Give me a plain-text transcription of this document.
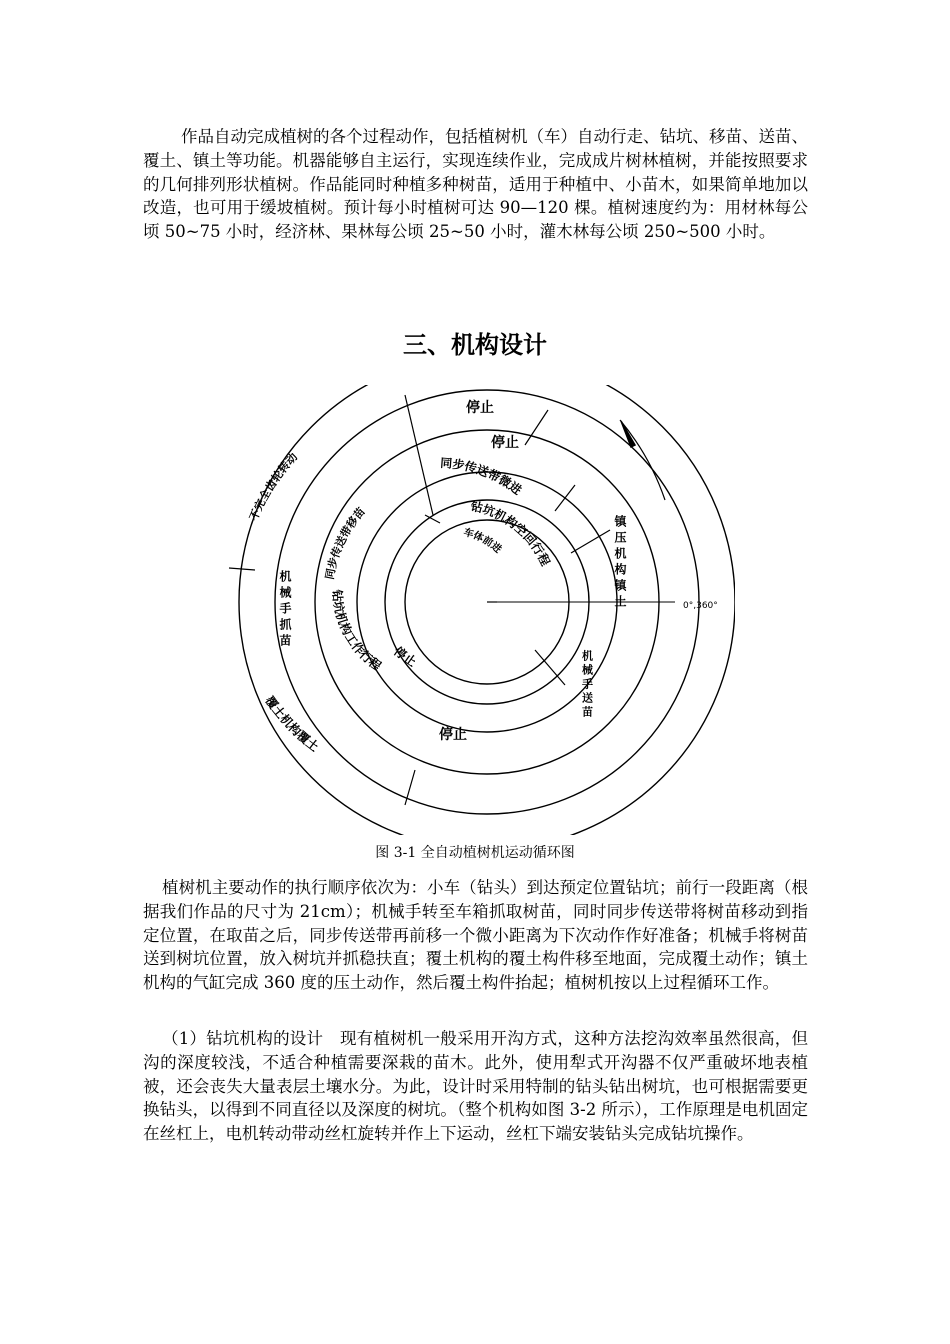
作品自动完成植树的各个过程动作，包括植树机（车）自动行走、钻坑、移苗、送苗、覆土、镇土等功能。机器能够自主运行，实现连续作业，完成成片树林植树，并能按照要求的几何排列形状植树。作品能同时种植多种树苗，适用于种植中、小苗木，如果简单地加以改造，也可用于缓坡植树。预计每小时植树可达 90—120 棵。植树速度约为：用材林每公顷 50~75 小时，经济林、果林每公顷 25~50 小时，灌木林每公顷 250~500 小时。
三、机构设计
0°,360°
停止
不完全齿轮转动
镇压机构镇土
覆土机构覆土
停止
机械手抓苗
机械手送苗
停止
同步传送带微进
同步传送带移苗	钻坑机构空回行程
钻坑机构工作行程
车体前进
停止
图 3-1 全自动植树机运动循环图
植树机主要动作的执行顺序依次为：小车（钻头）到达预定位置钻坑；前行一段距离（根据我们作品的尺寸为 21cm）；机械手转至车箱抓取树苗，同时同步传送带将树苗移动到指定位置，在取苗之后，同步传送带再前移一个微小距离为下次动作作好准备；机械手将树苗送到树坑位置，放入树坑并抓稳扶直；覆土机构的覆土构件移至地面，完成覆土动作；镇土机构的气缸完成 360 度的压土动作，然后覆土构件抬起；植树机按以上过程循环工作。
（1）钻坑机构的设计　现有植树机一般采用开沟方式，这种方法挖沟效率虽然很高，但沟的深度较浅，不适合种植需要深栽的苗木。此外，使用犁式开沟器不仅严重破坏地表植被，还会丧失大量表层土壤水分。为此，设计时采用特制的钻头钻出树坑，也可根据需要更换钻头，以得到不同直径以及深度的树坑。（整个机构如图 3-2 所示），工作原理是电机固定在丝杠上，电机转动带动丝杠旋转并作上下运动，丝杠下端安装钻头完成钻坑操作。
